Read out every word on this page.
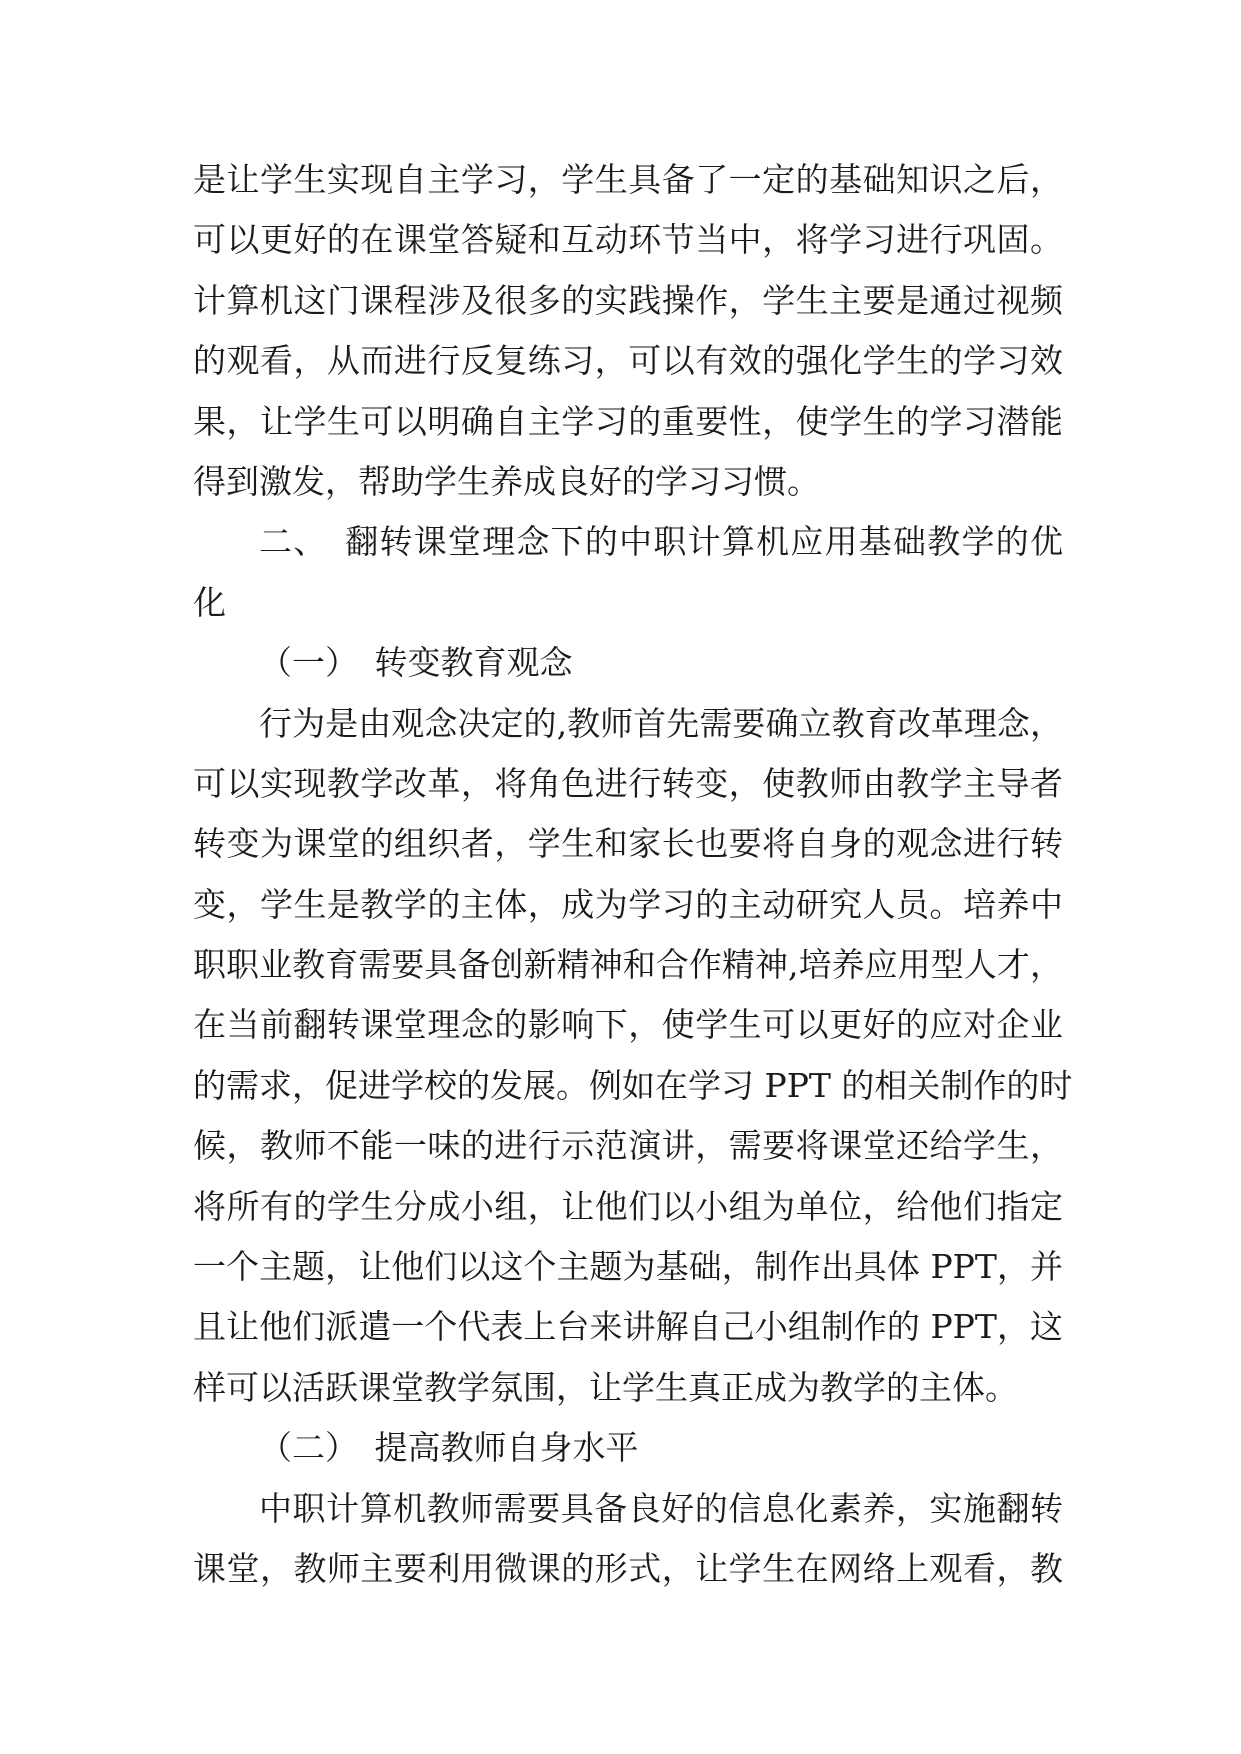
是让学生实现自主学习，学生具备了一定的基础知识之后，
可以更好的在课堂答疑和互动环节当中，将学习进行巩固。
计算机这门课程涉及很多的实践操作，学生主要是通过视频
的观看，从而进行反复练习，可以有效的强化学生的学习效
果，让学生可以明确自主学习的重要性，使学生的学习潜能
得到激发，帮助学生养成良好的学习习惯。
二、　翻转课堂理念下的中职计算机应用基础教学的优
化
（一）　转变教育观念
行为是由观念决定的,教师首先需要确立教育改革理念，
可以实现教学改革，将角色进行转变，使教师由教学主导者
转变为课堂的组织者，学生和家长也要将自身的观念进行转
变，学生是教学的主体，成为学习的主动研究人员。培养中
职职业教育需要具备创新精神和合作精神,培养应用型人才，
在当前翻转课堂理念的影响下，使学生可以更好的应对企业
的需求，促进学校的发展。例如在学习 PPT 的相关制作的时
候，教师不能一味的进行示范演讲，需要将课堂还给学生，
将所有的学生分成小组，让他们以小组为单位，给他们指定
一个主题，让他们以这个主题为基础，制作出具体 PPT，并
且让他们派遣一个代表上台来讲解自己小组制作的 PPT，这
样可以活跃课堂教学氛围，让学生真正成为教学的主体。
（二）　提高教师自身水平
中职计算机教师需要具备良好的信息化素养，实施翻转
课堂，教师主要利用微课的形式，让学生在网络上观看，教
